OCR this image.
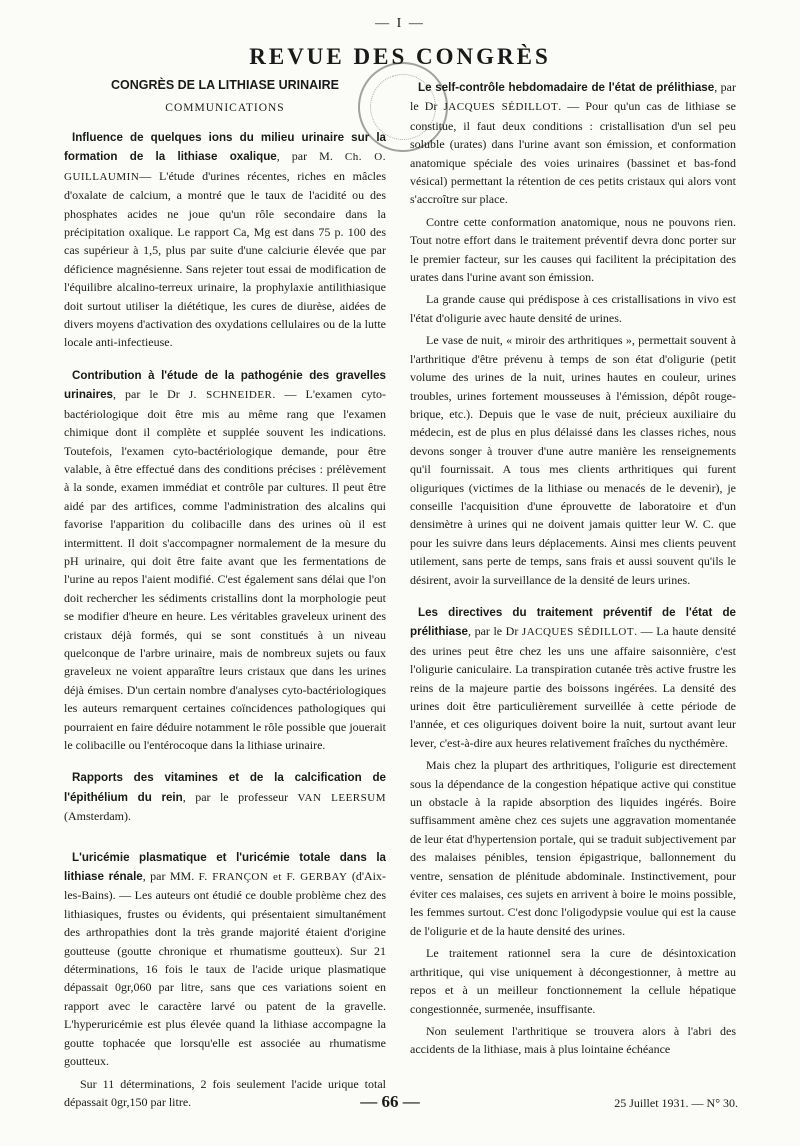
— I —
REVUE DES CONGRÈS
CONGRÈS DE LA LITHIASE URINAIRE
COMMUNICATIONS

Influence de quelques ions du milieu urinaire sur la formation de la lithiase oxalique, par M. Ch. O. GUILLAUMIN— L'étude d'urines récentes, riches en mâcles d'oxalate de calcium, a montré que le taux de l'acidité ou des phosphates acides ne joue qu'un rôle secondaire dans la précipitation oxalique. Le rapport Ca, Mg est dans 75 p. 100 des cas supérieur à 1,5, plus par suite d'une calciurie élevée que par déficience magnésienne. Sans rejeter tout essai de modification de l'équilibre alcalino-terreux urinaire, la prophylaxie antilithiasique doit surtout utiliser la diététique, les cures de diurèse, aidées de divers moyens d'activation des oxydations cellulaires ou de la lutte locale anti-infectieuse.

Contribution à l'étude de la pathogénie des gravelles urinaires, par le Dr J. SCHNEIDER. — L'examen cyto-bactériologique doit être mis au même rang que l'examen chimique dont il complète et supplée souvent les indications. Toutefois, l'examen cyto-bactériologique demande, pour être valable, à être effectué dans des conditions précises : prélèvement à la sonde, examen immédiat et contrôle par cultures. Il peut être aidé par des artifices, comme l'administration des alcalins qui favorise l'apparition du colibacille dans des urines où il est intermittent. Il doit s'accompagner normalement de la mesure du pH urinaire, qui doit être faite avant que les fermentations de l'urine au repos l'aient modifié. C'est également sans délai que l'on doit rechercher les sédiments cristallins dont la morphologie peut se modifier d'heure en heure. Les véritables graveleux urinent des cristaux déjà formés, qui se sont constitués à un niveau quelconque de l'arbre urinaire, mais de nombreux sujets ou faux graveleux ne voient apparaître leurs cristaux que dans les urines déjà émises. D'un certain nombre d'analyses cyto-bactériologiques les auteurs remarquent certaines coïncidences pathologiques qui pourraient en faire déduire notamment le rôle possible que jouerait le colibacille ou l'entérocoque dans la lithiase urinaire.

Rapports des vitamines et de la calcification de l'épithélium du rein, par le professeur VAN LEERSUM (Amsterdam).

L'uricémie plasmatique et l'uricémie totale dans la lithiase rénale, par MM. F. FRANÇON et F. GERBAY (d'Aix-les-Bains). — Les auteurs ont étudié ce double problème chez des lithiasiques, frustes ou évidents, qui présentaient simultanément des arthropathies dont la très grande majorité étaient d'origine goutteuse (goutte chronique et rhumatisme goutteux). Sur 21 déterminations, 16 fois le taux de l'acide urique plasmatique dépassait 0gr,060 par litre, sans que ces variations soient en rapport avec le caractère larvé ou patent de la gravelle. L'hyperuricémie est plus élevée quand la lithiase accompagne la goutte tophacée que lorsqu'elle est associée au rhumatisme goutteux.

Sur 11 déterminations, 2 fois seulement l'acide urique total dépassait 0gr,150 par litre.

Le self-contrôle hebdomadaire de l'état de prélithiase, par le Dr JACQUES SÉDILLOT. — Pour qu'un cas de lithiase se constitue, il faut deux conditions : cristallisation d'un sel peu soluble (urates) dans l'urine avant son émission, et conformation anatomique spéciale des voies urinaires (bassinet et bas-fond vésical) permettant la rétention de ces petits cristaux qui alors vont s'accroître sur place.

Contre cette conformation anatomique, nous ne pouvons rien. Tout notre effort dans le traitement préventif devra donc porter sur le premier facteur, sur les causes qui facilitent la précipitation des urates dans l'urine avant son émission.

La grande cause qui prédispose à ces cristallisations in vivo est l'état d'oligurie avec haute densité de urines.

Le vase de nuit, « miroir des arthritiques », permettait souvent à l'arthritique d'être prévenu à temps de son état d'oligurie (petit volume des urines de la nuit, urines hautes en couleur, urines troubles, urines fortement mousseuses à l'émission, dépôt rouge-brique, etc.). Depuis que le vase de nuit, précieux auxiliaire du médecin, est de plus en plus délaissé dans les classes riches, nous devons songer à trouver d'une autre manière les renseignements qu'il fournissait. A tous mes clients arthritiques qui furent oliguriques (victimes de la lithiase ou menacés de le devenir), je conseille l'acquisition d'une éprouvette de laboratoire et d'un densimètre à urines qui ne doivent jamais quitter leur W. C. que pour les suivre dans leurs déplacements. Ainsi mes clients peuvent utilement, sans perte de temps, sans frais et aussi souvent qu'ils le désirent, avoir la surveillance de la densité de leurs urines.

Les directives du traitement préventif de l'état de prélithiase, par le Dr JACQUES SÉDILLOT. — La haute densité des urines peut être chez les uns une affaire saisonnière, c'est l'oligurie caniculaire. La transpiration cutanée très active frustre les reins de la majeure partie des boissons ingérées. La densité des urines doit être particulièrement surveillée à cette période de l'année, et ces oliguriques doivent boire la nuit, surtout avant leur lever, c'est-à-dire aux heures relativement fraîches du nycthémère.

Mais chez la plupart des arthritiques, l'oligurie est directement sous la dépendance de la congestion hépatique active qui constitue un obstacle à la rapide absorption des liquides ingérés. Boire suffisamment amène chez ces sujets une aggravation momentanée de leur état d'hypertension portale, qui se traduit subjectivement par des malaises pénibles, tension épigastrique, ballonnement du ventre, sensation de plénitude abdominale. Instinctivement, pour éviter ces malaises, ces sujets en arrivent à boire le moins possible, les femmes surtout. C'est donc l'oligodypsie voulue qui est la cause de l'oligurie et de la haute densité des urines.

Le traitement rationnel sera la cure de désintoxication arthritique, qui vise uniquement à décongestionner, à mettre au repos et à un meilleur fonctionnement la cellule hépatique congestionnée, surmenée, insuffisante.

Non seulement l'arthritique se trouvera alors à l'abri des accidents de la lithiase, mais à plus lointaine échéance

— 66 —	25 Juillet 1931. — N° 30.
